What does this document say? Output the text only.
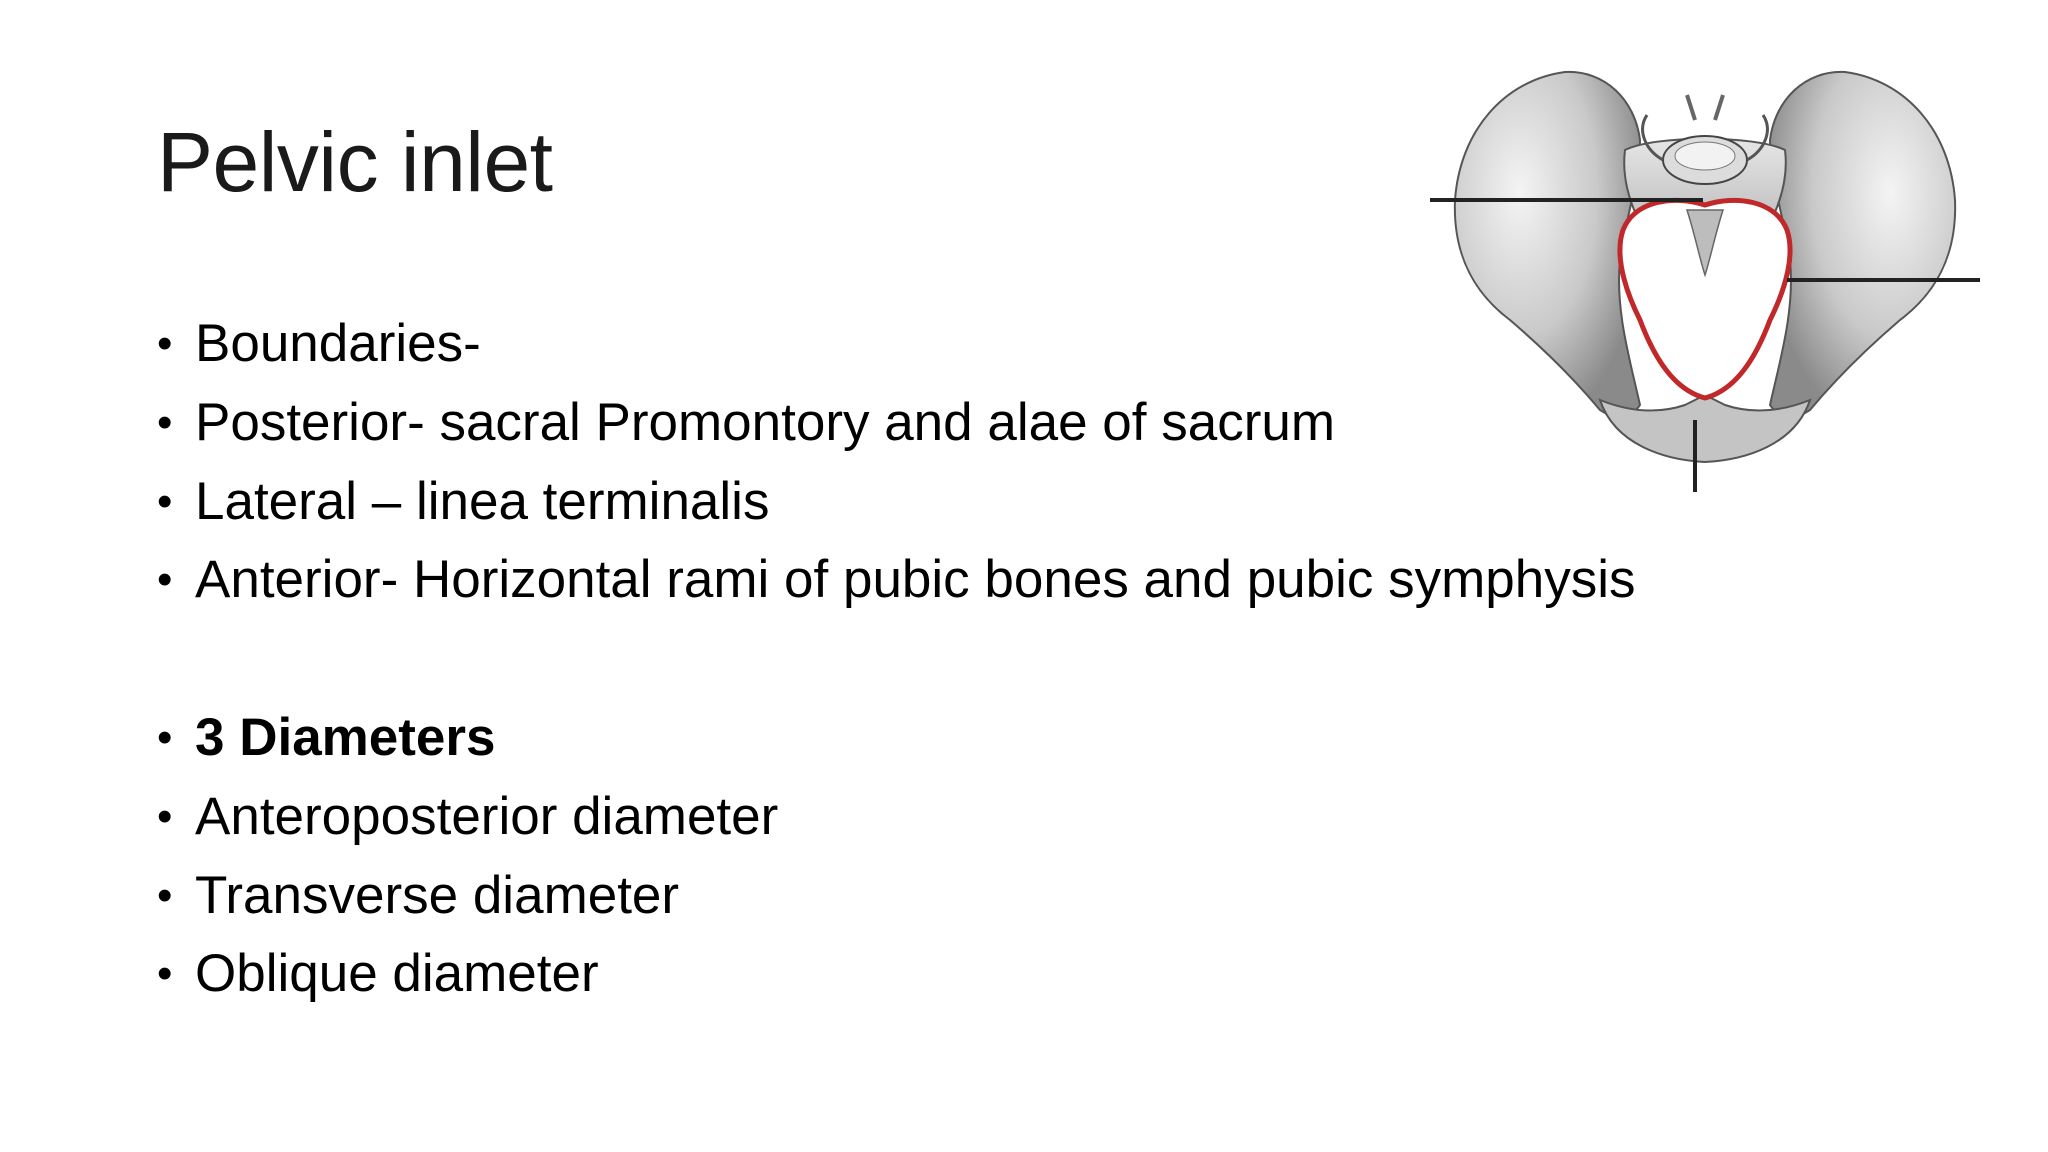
Pelvic inlet
• Boundaries-
• Posterior- sacral Promontory and alae of sacrum
• Lateral – linea terminalis
• Anterior- Horizontal rami of pubic bones and pubic symphysis
• 3 Diameters
• Anteroposterior diameter
• Transverse diameter
• Oblique diameter
